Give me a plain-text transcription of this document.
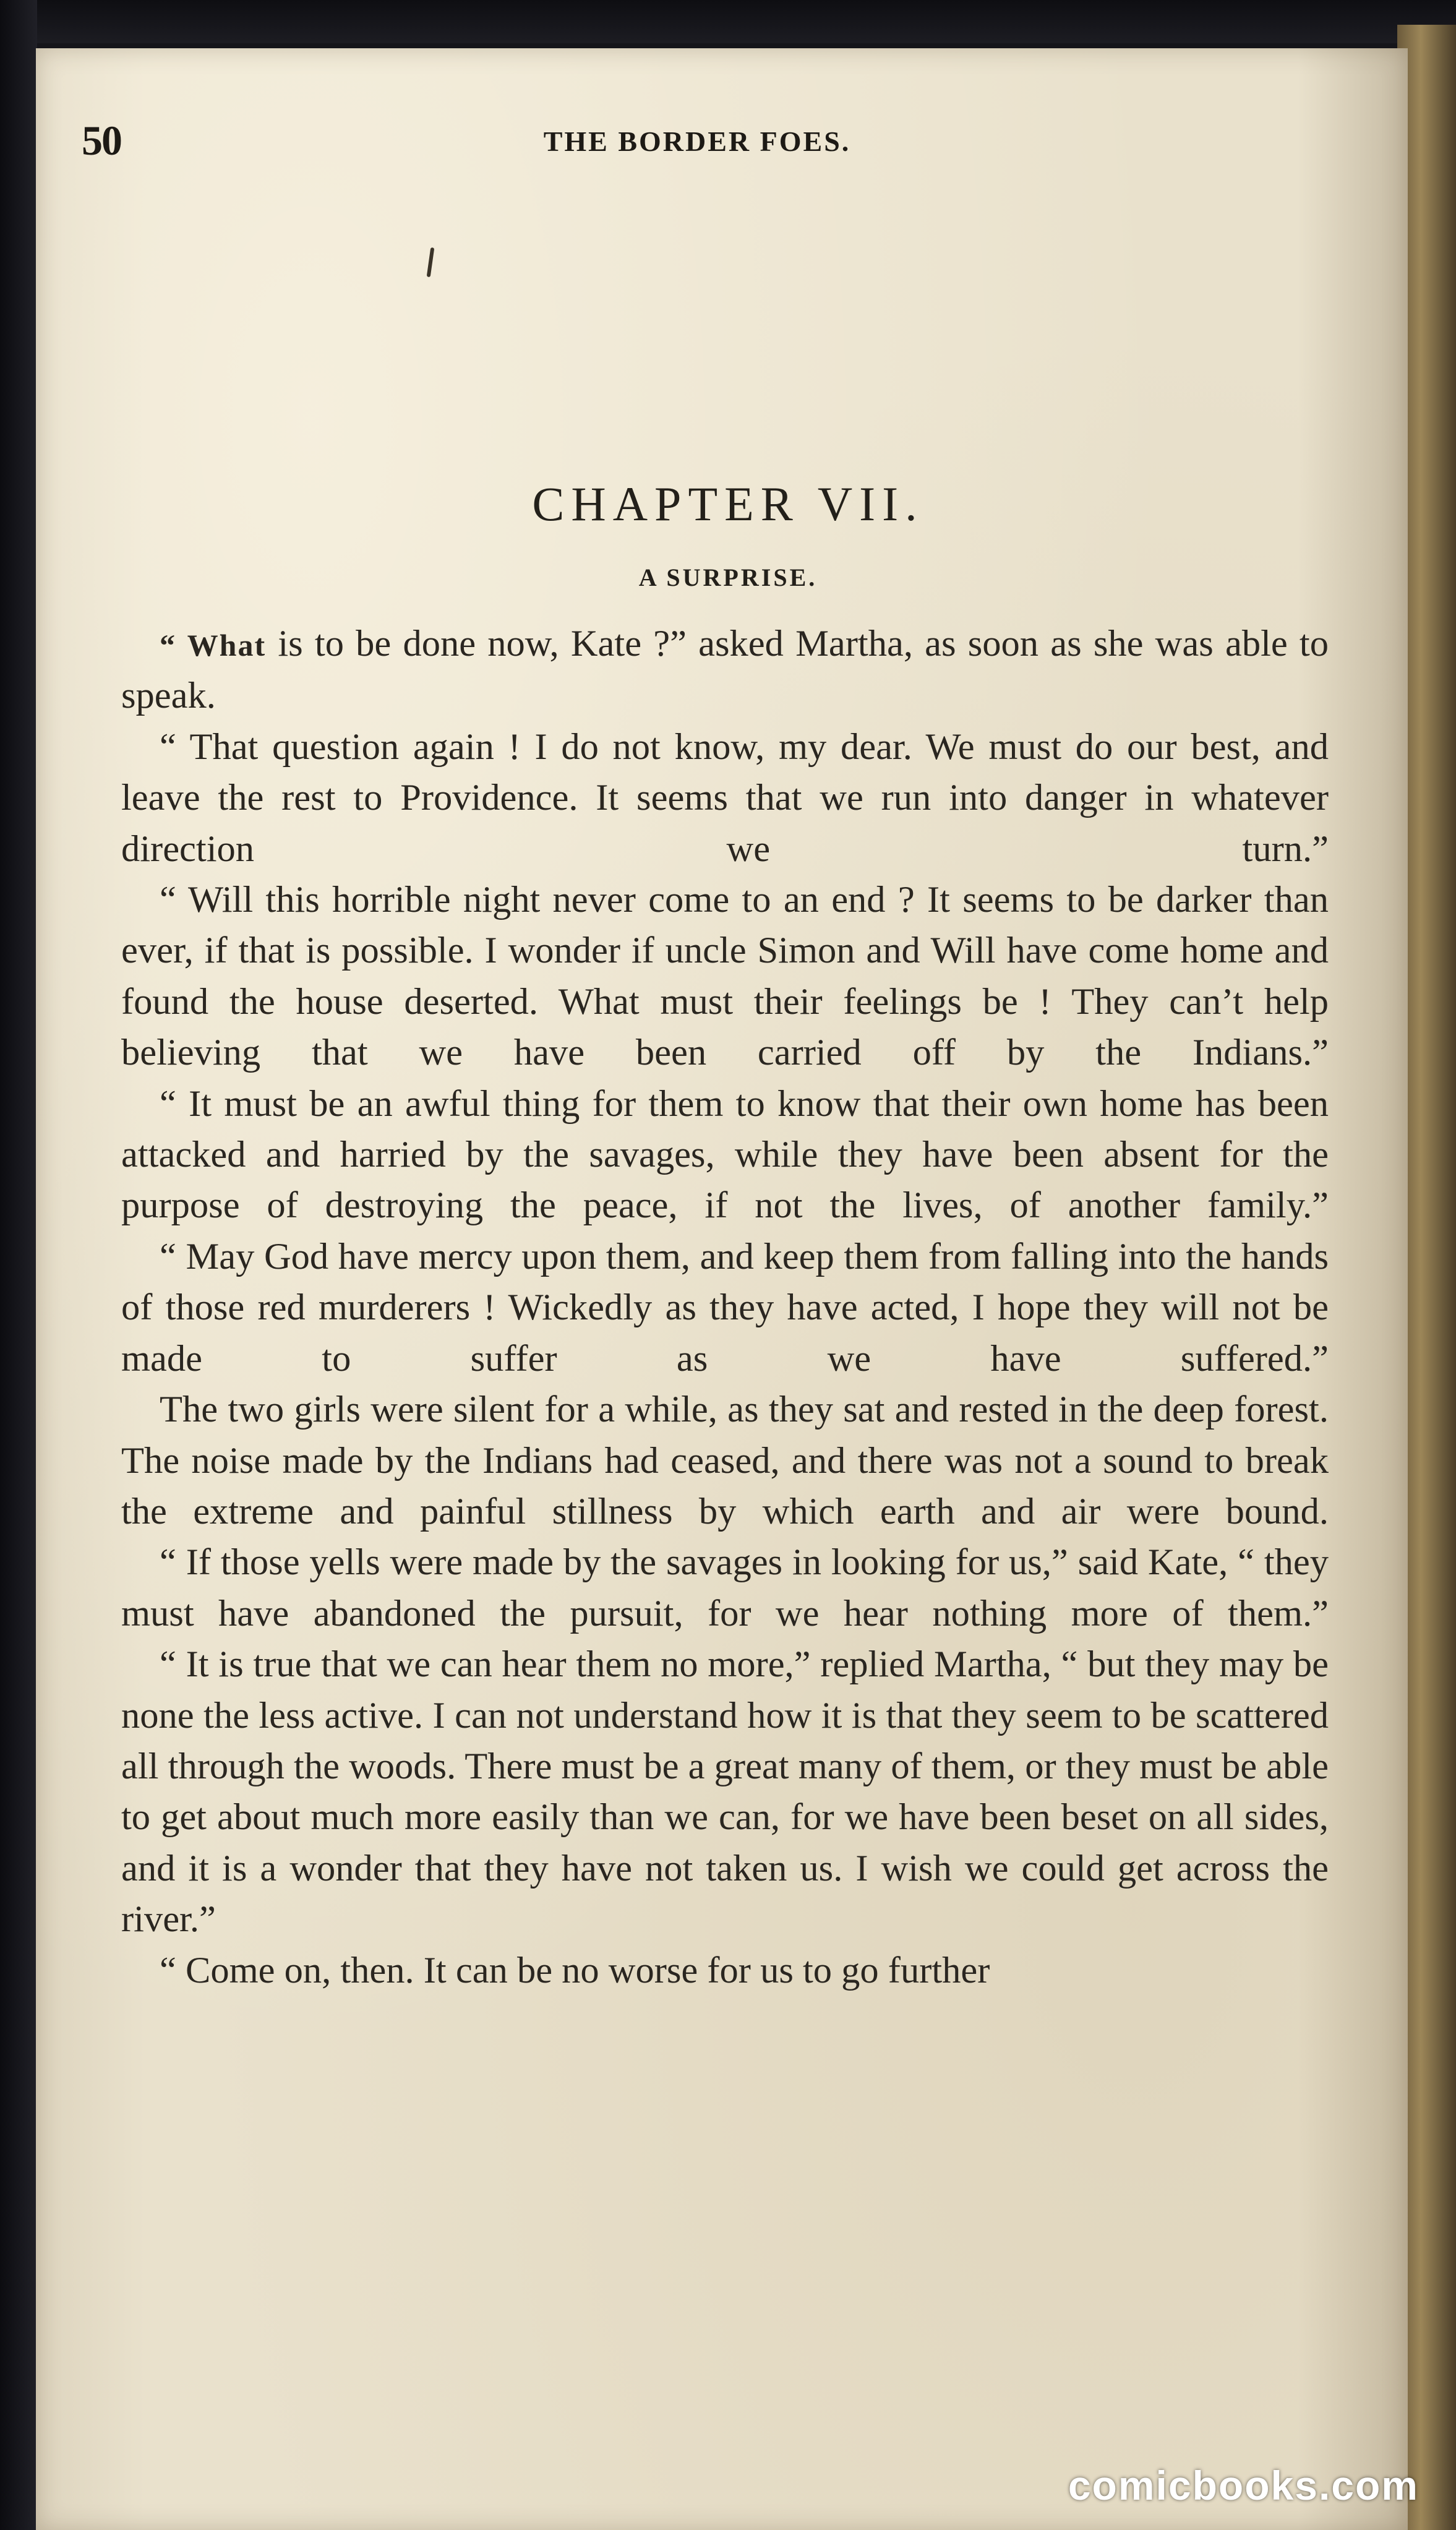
50	THE BORDER FOES.
CHAPTER VII.
A SURPRISE.

“ What is to be done now, Kate ?” asked Martha, as soon as she was able to speak.

“ That question again ! I do not know, my dear. We must do our best, and leave the rest to Providence. It seems that we run into danger in whatever direction we turn.”

“ Will this horrible night never come to an end ? It seems to be darker than ever, if that is possible. I wonder if uncle Simon and Will have come home and found the house deserted. What must their feelings be ! They can’t help believing that we have been carried off by the Indians.”

“ It must be an awful thing for them to know that their own home has been attacked and harried by the savages, while they have been absent for the purpose of destroying the peace, if not the lives, of another family.”

“ May God have mercy upon them, and keep them from falling into the hands of those red murderers ! Wickedly as they have acted, I hope they will not be made to suffer as we have suffered.”

The two girls were silent for a while, as they sat and rested in the deep forest. The noise made by the Indians had ceased, and there was not a sound to break the extreme and painful stillness by which earth and air were bound.

“ If those yells were made by the savages in looking for us,” said Kate, “ they must have abandoned the pursuit, for we hear nothing more of them.”

“ It is true that we can hear them no more,” replied Martha, “ but they may be none the less active. I can not understand how it is that they seem to be scattered all through the woods. There must be a great many of them, or they must be able to get about much more easily than we can, for we have been beset on all sides, and it is a wonder that they have not taken us. I wish we could get across the river.”

“ Come on, then. It can be no worse for us to go further

comicbooks.com
